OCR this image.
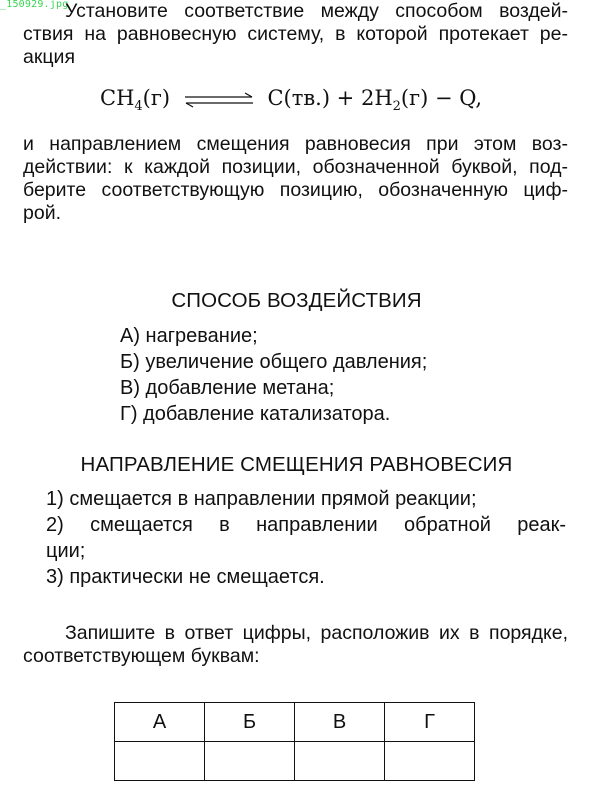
_150929.jpg

Установите соответствие между способом воздей-

ствия на равновесную систему, в которой протекает ре-
акция

$CH_4(г)$ ⇌ $C(тв.) + 2H_2(г) - Q$,

и направлением смещения равновесия при этом воз-
действии: к каждой позиции, обозначенной буквой, под-
берите соответствующую позицию, обозначенную циф-
рой.

СПОСОБ ВОЗДЕЙСТВИЯ
А) нагревание;
Б) увеличение общего давления;
В) добавление метана;
Г) добавление катализатора.
НАПРАВЛЕНИЕ СМЕЩЕНИЯ РАВНОВЕСИЯ
1) смещается в направлении прямой реакции;
2) смещается в направлении обратной реак-
ции;
3) практически не смещается.

Запишите в ответ цифры, расположив их в порядке,

соответствующем буквам:

А	Б	В	Г
